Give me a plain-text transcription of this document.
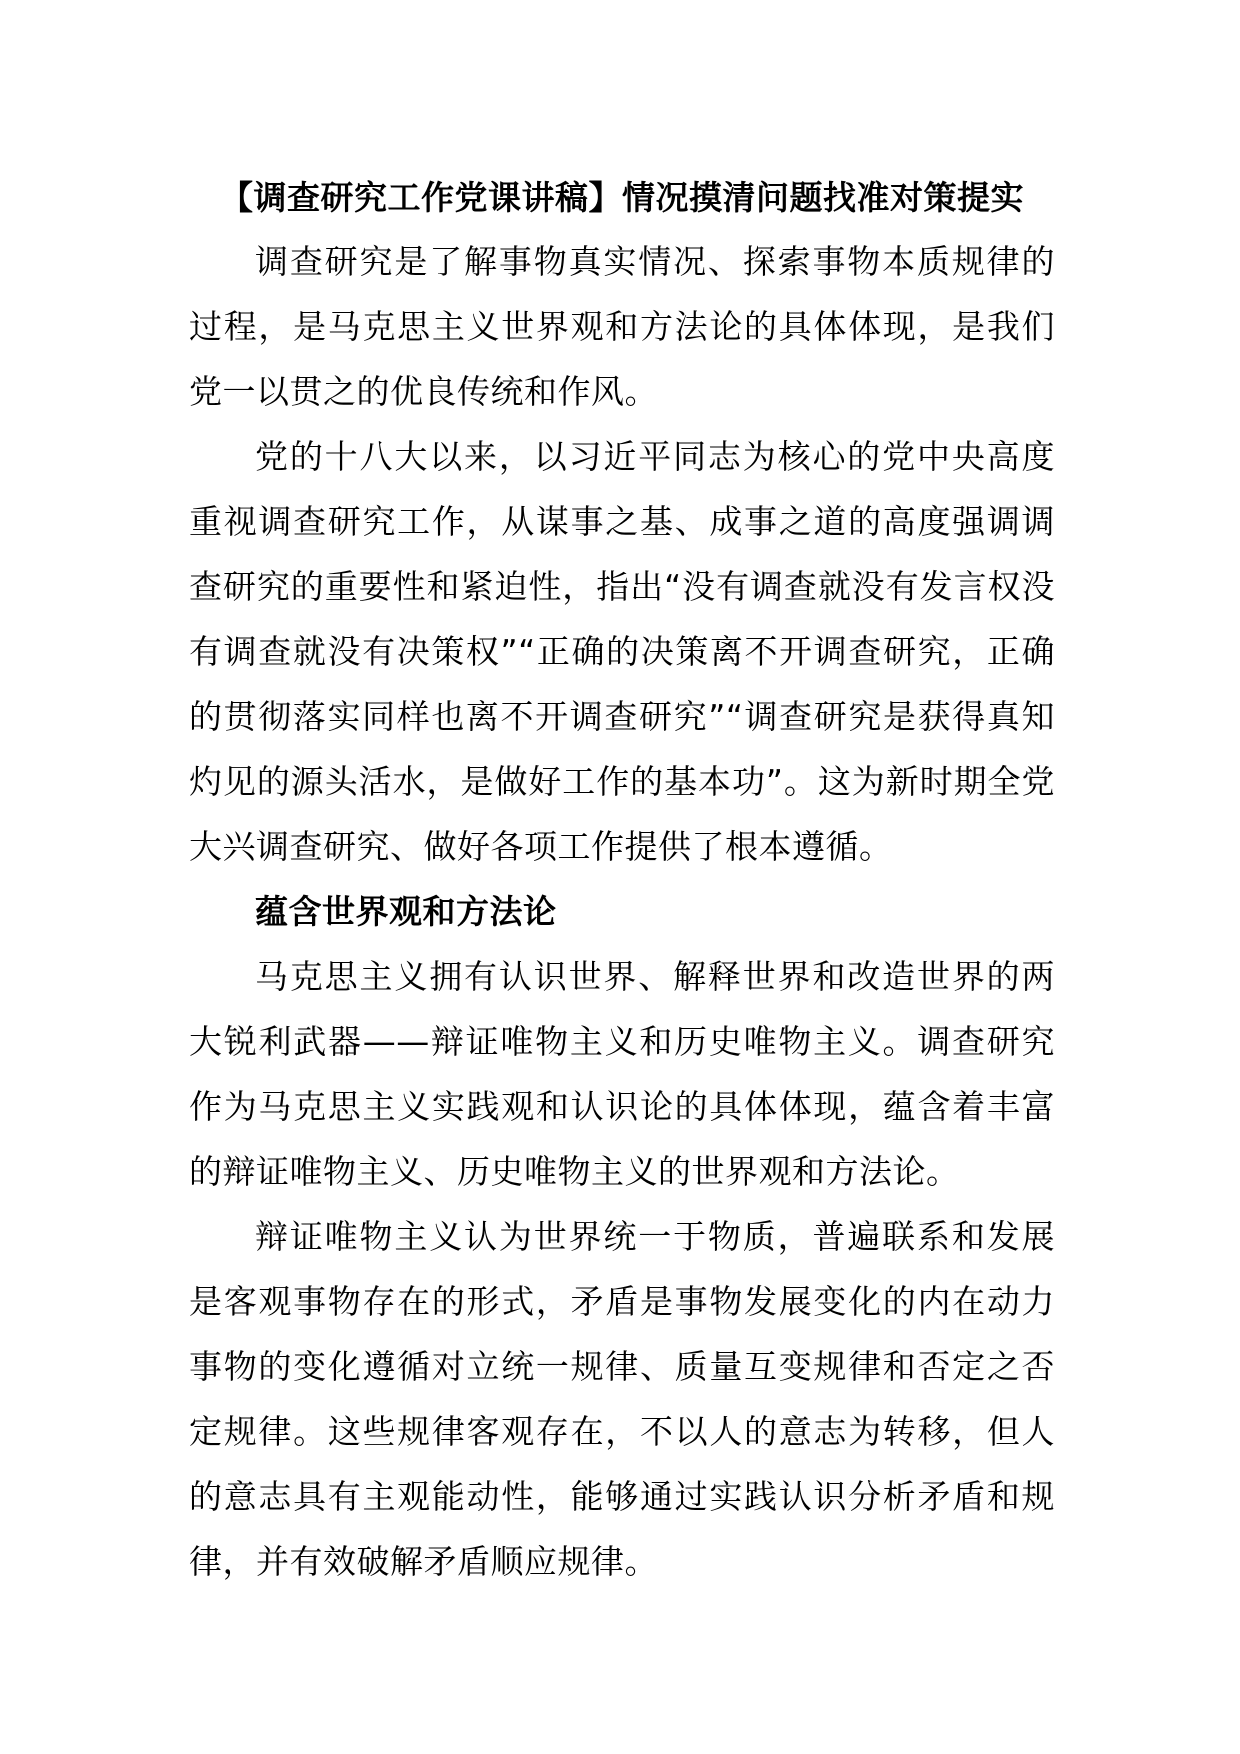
【调查研究工作党课讲稿】情况摸清问题找准对策提实

调查研究是了解事物真实情况、探索事物本质规律的过程，是马克思主义世界观和方法论的具体体现，是我们党一以贯之的优良传统和作风。

党的十八大以来，以习近平同志为核心的党中央高度重视调查研究工作，从谋事之基、成事之道的高度强调调查研究的重要性和紧迫性，指出“没有调查就没有发言权没有调查就没有决策权”“正确的决策离不开调查研究，正确的贯彻落实同样也离不开调查研究”“调查研究是获得真知灼见的源头活水，是做好工作的基本功”。这为新时期全党大兴调查研究、做好各项工作提供了根本遵循。

蕴含世界观和方法论

马克思主义拥有认识世界、解释世界和改造世界的两大锐利武器——辩证唯物主义和历史唯物主义。调查研究作为马克思主义实践观和认识论的具体体现，蕴含着丰富的辩证唯物主义、历史唯物主义的世界观和方法论。

辩证唯物主义认为世界统一于物质，普遍联系和发展是客观事物存在的形式，矛盾是事物发展变化的内在动力事物的变化遵循对立统一规律、质量互变规律和否定之否定规律。这些规律客观存在，不以人的意志为转移，但人的意志具有主观能动性，能够通过实践认识分析矛盾和规律，并有效破解矛盾顺应规律。
